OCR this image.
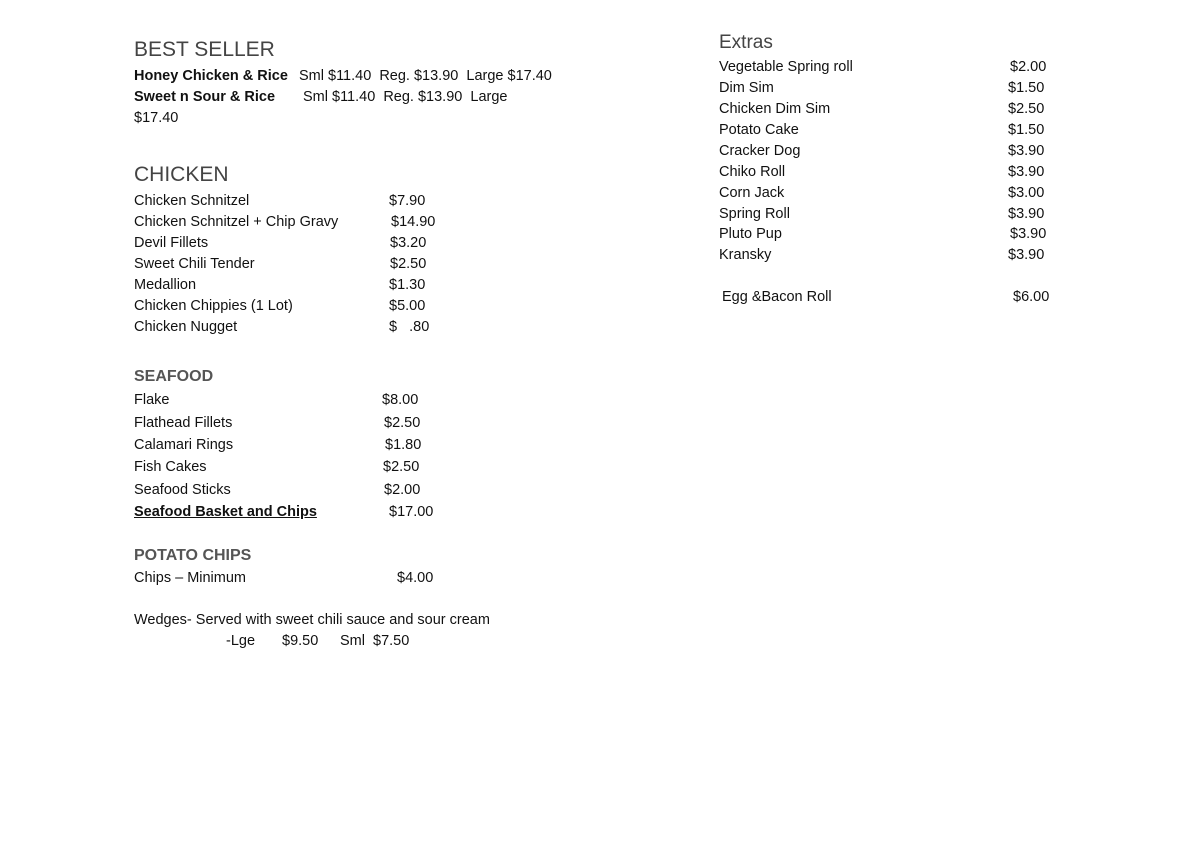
BEST SELLER
Honey Chicken & Rice Sml $11.40  Reg. $13.90  Large $17.40
Sweet n Sour & Rice Sml $11.40  Reg. $13.90  Large
$17.40
CHICKEN
Chicken Schnitzel	$7.90
Chicken Schnitzel + Chip Gravy	$14.90
Devil Fillets	$3.20
Sweet Chili Tender	$2.50
Medallion	$1.30
Chicken Chippies (1 Lot)	$5.00
Chicken Nugget	$   .80
SEAFOOD
Flake	$8.00
Flathead Fillets	$2.50
Calamari Rings	$1.80
Fish Cakes	$2.50
Seafood Sticks	$2.00
Seafood Basket and Chips	$17.00
POTATO CHIPS
Chips – Minimum	$4.00
Wedges- Served with sweet chili sauce and sour cream
-Lge $9.50 Sml  $7.50
Extras
Vegetable Spring roll	$2.00
Dim Sim	$1.50
Chicken Dim Sim	$2.50
Potato Cake	$1.50
Cracker Dog	$3.90
Chiko Roll	$3.90
Corn Jack	$3.00
Spring Roll	$3.90
Pluto Pup	$3.90
Kransky	$3.90
Egg &Bacon Roll	$6.00
